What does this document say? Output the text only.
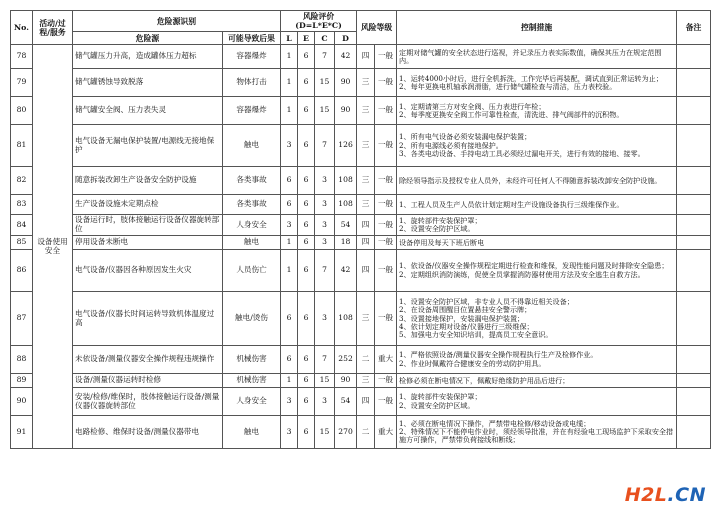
No.	活动/过程/服务	危险源识别		风险评价(D=L*E*C)				风险等级		控制措施	备注
		危险源	可能导致后果	L	E	C	D				
78	设备使用安全	储气罐压力升高，造成罐体压力超标	容器爆炸	1	6	7	42	四	一般	定期对储气罐的安全状态进行巡视，并记录压力表实际数值，确保其压力在规定范围内。	
79		储气罐锈蚀导致脱落	物体打击	1	6	15	90	三	一般	1、运转4000小时后，进行全机拆洗，工作完毕后再装配，调试直到正常运转为止；
2、每年更换电机轴承润滑脂，进行储气罐检查与清洁，压力表校验。	
80		储气罐安全阀、压力表失灵	容器爆炸	1	6	15	90	三	一般	1、定期请第三方对安全阀、压力表进行年检；
2、每季度更换安全阀工作可靠性检查，清洗进、排气阀部件的沉积物。	
81		电气设备无漏电保护装置/电源线无接地保护	触电	3	6	7	126	三	一般	1、所有电气设备必须安装漏电保护装置；
2、所有电源线必须有接地保护。
3、各类电动设备、手持电动工具必须经过漏电开关，进行有效的接地、接零。	
82		随意拆装改卸生产设备安全防护设施	各类事故	6	6	3	108	三	一般	除经领导指示及授权专业人员外，未经许可任何人不得随意拆装改卸安全防护设施。	
83		生产设备设施未定期点检	各类事故	6	6	3	108	三	一般	1、工程人员及生产人员依计划定期对生产设施设备执行三级维保作业。	
84		设备运行时，肢体接触运行设备仪器旋转部位	人身安全	3	6	3	54	四	一般	1、旋转部件安装保护罩；
2、设置安全防护区域。	
85		停用设备未断电	触电	1	6	3	18	四	一般	设备停用及每天下班后断电	
86		电气设备/仪器因各种原因发生火灾	人员伤亡	1	6	7	42	四	一般	1、依设备/仪器安全操作规程定期进行检查和维保，发现性能问题及时排除安全隐患；
2、定期组织消防演练，促使全员掌握消防器材使用方法及安全逃生自救方法。	
87		电气设备/仪器长时间运转导致机体温度过高	触电/烫伤	6	6	3	108	三	一般	1、设置安全防护区域，非专业人员不得靠近相关设备；
2、在设备周围醒目位置悬挂安全警示牌；
3、设置接地保护，安装漏电保护装置；
4、依计划定期对设备/仪器进行三级维保；
5、加强电力安全知识培训，提高员工安全意识。	
88		未依设备/测量仪器安全操作规程违规操作	机械伤害	6	6	7	252	二	重大	1、严格依照设备/测量仪器安全操作规程执行生产及检修作业。
2、作业时佩戴符合健康安全的劳动防护用具。	
89		设备/测量仪器运转时检修	机械伤害	1	6	15	90	三	一般	检修必须在断电情况下，佩戴好绝缘防护用品后进行；	
90		安装/检修/维保时，肢体接触运行设备/测量仪器仪器旋转部位	人身安全	3	6	3	54	四	一般	1、旋转部件安装保护罩；
2、设置安全防护区域。	
91		电路检修、维保时设备/测量仪器带电	触电	3	6	15	270	二	重大	1、必须在断电情况下操作，严禁带电检修/移动设备或电缆；
2、特殊情况下不能停电作业时，须经领导批准，并在有经验电工现场监护下采取安全措施方可操作，严禁带负荷接线和断线；	
H2L.CN
